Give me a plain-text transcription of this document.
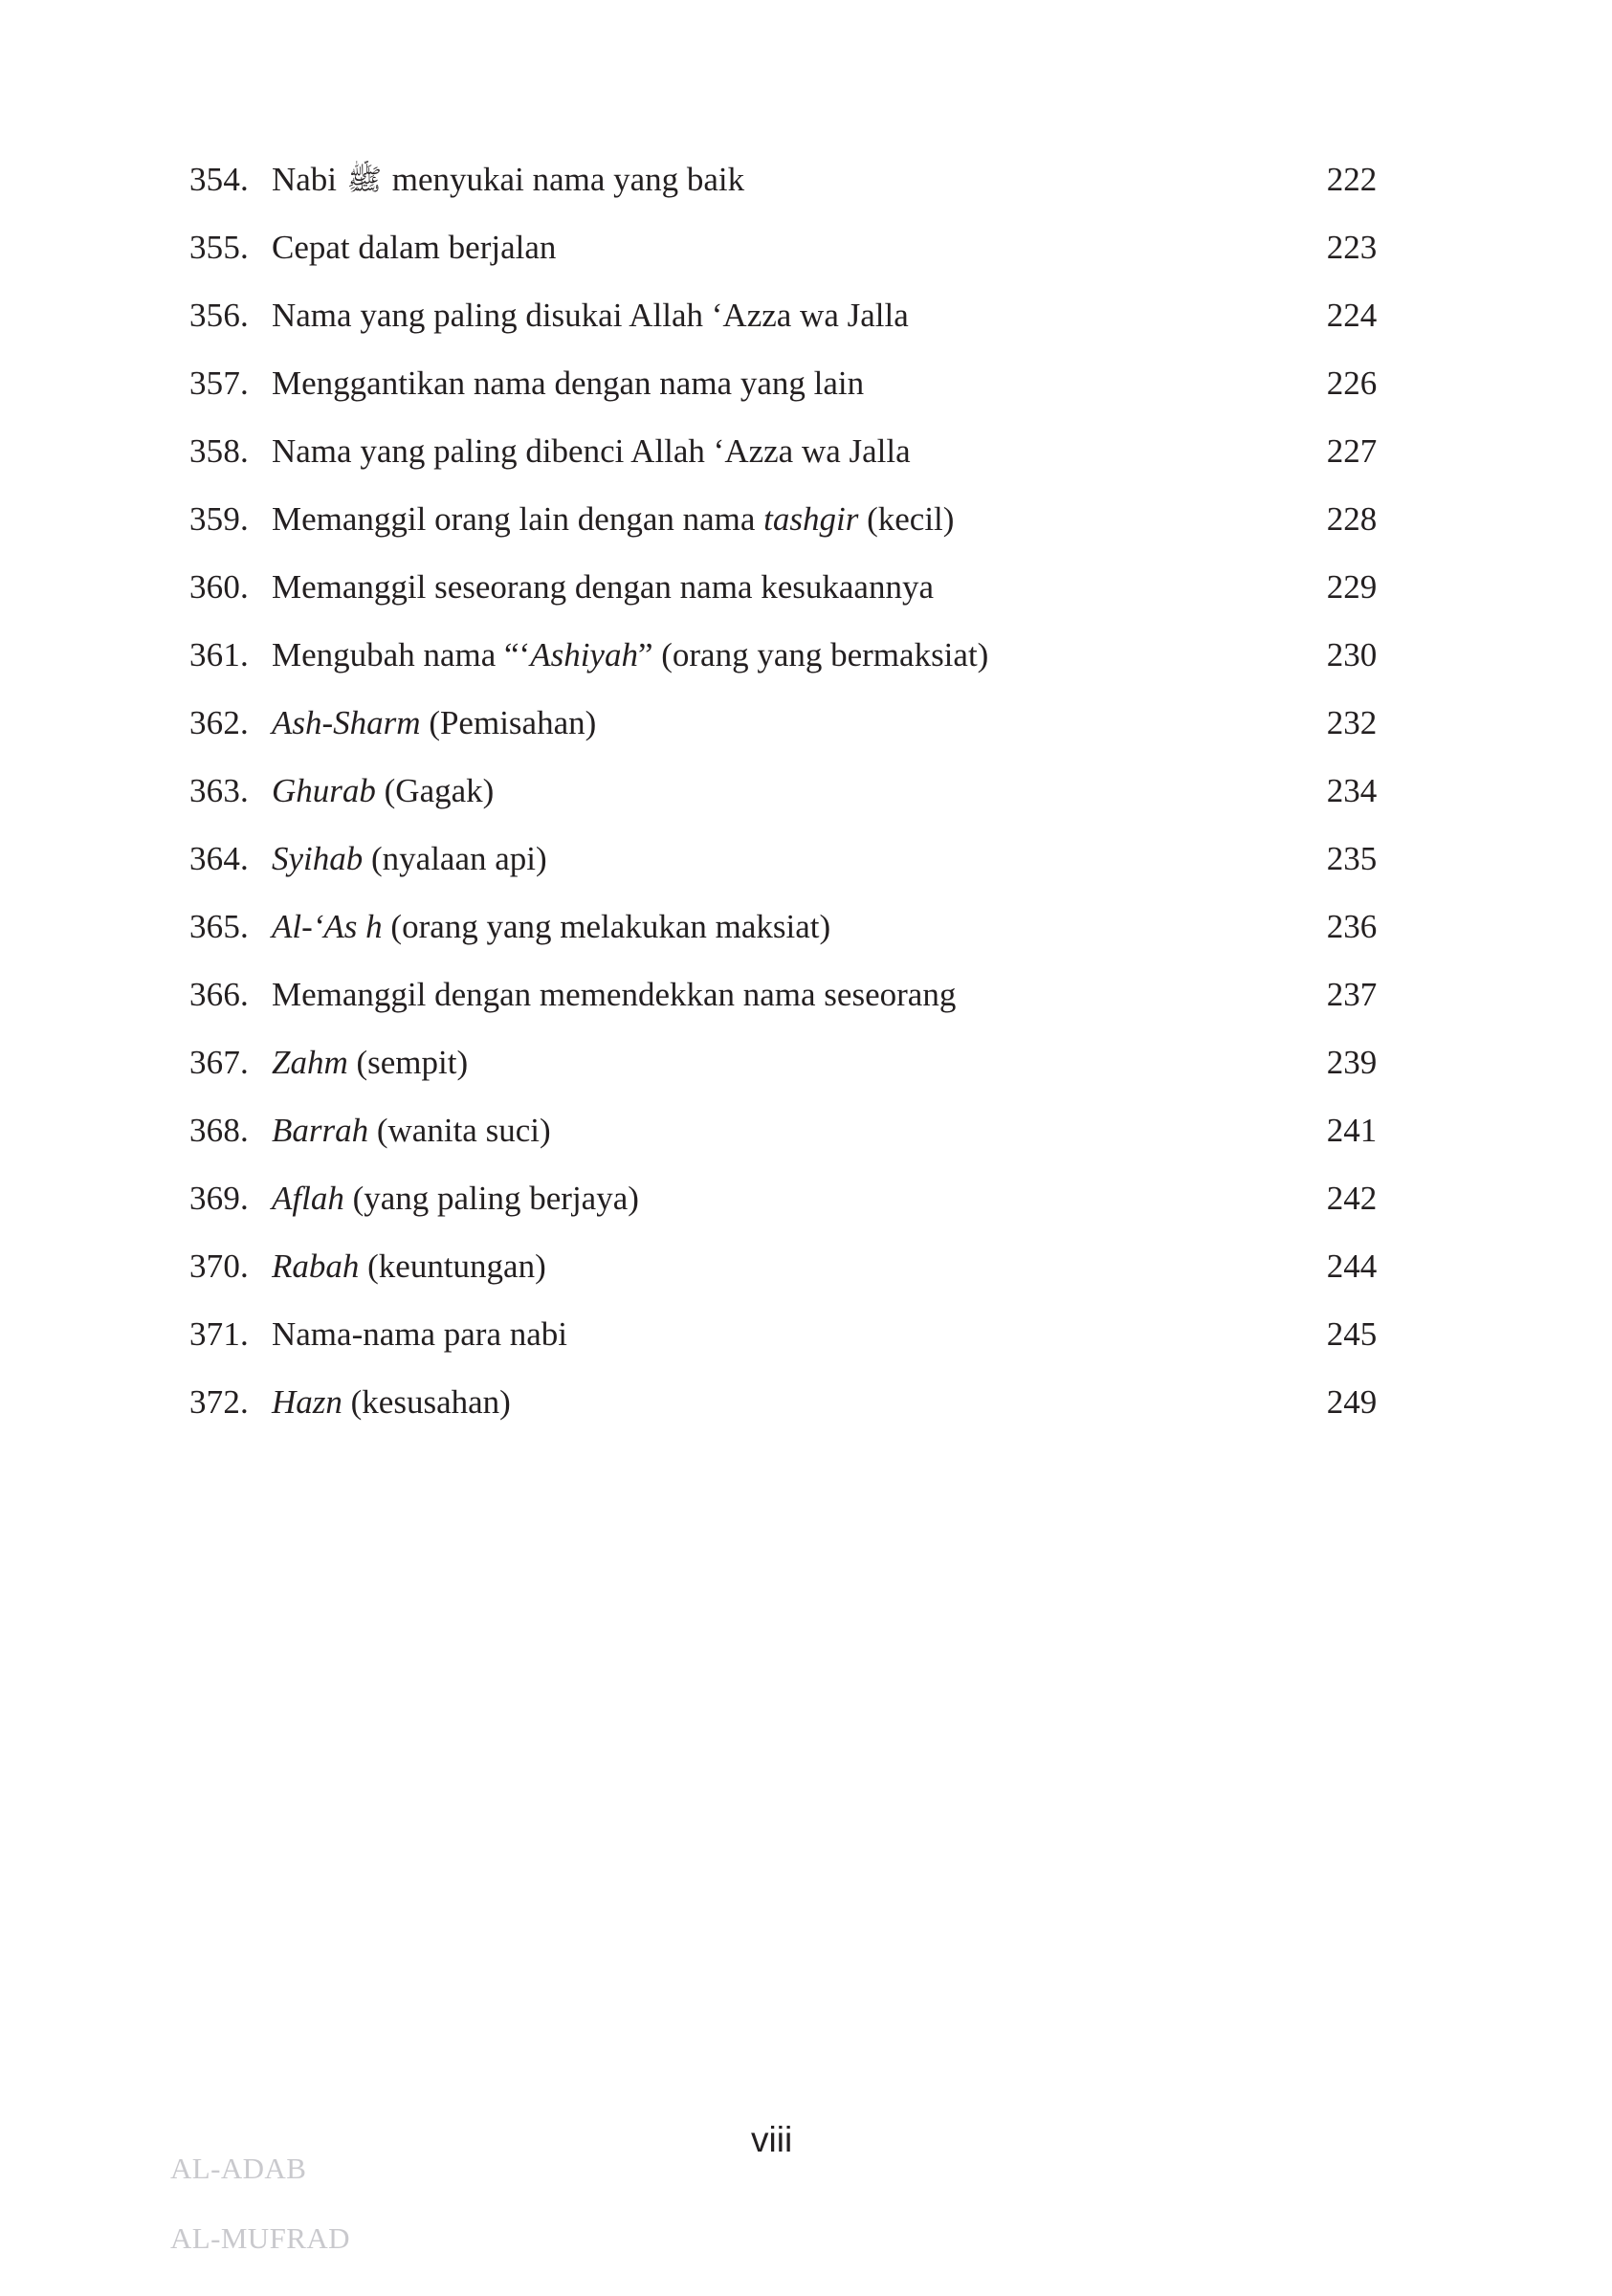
354. Nabi ﷺ menyukai nama yang baik	222
355. Cepat dalam berjalan	223
356. Nama yang paling disukai Allah ‘Azza wa Jalla	224
357. Menggantikan nama dengan nama yang lain	226
358. Nama yang paling dibenci Allah ‘Azza wa Jalla	227
359. Memanggil orang lain dengan nama tashgir (kecil)	228
360. Memanggil seseorang dengan nama kesukaannya	229
361. Mengubah nama “‘Ashiyah” (orang yang bermaksiat)	230
362. Ash-Sharm (Pemisahan)	232
363. Ghurab (Gagak)	234
364. Syihab (nyalaan api)	235
365. Al-‘As h (orang yang melakukan maksiat)	236
366. Memanggil dengan memendekkan nama seseorang	237
367. Zahm (sempit)	239
368. Barrah (wanita suci)	241
369. Aflah (yang paling berjaya)	242
370. Rabah (keuntungan)	244
371. Nama-nama para nabi	245
372. Hazn (kesusahan)	249

AL-ADAB

AL-MUFRAD

viii
